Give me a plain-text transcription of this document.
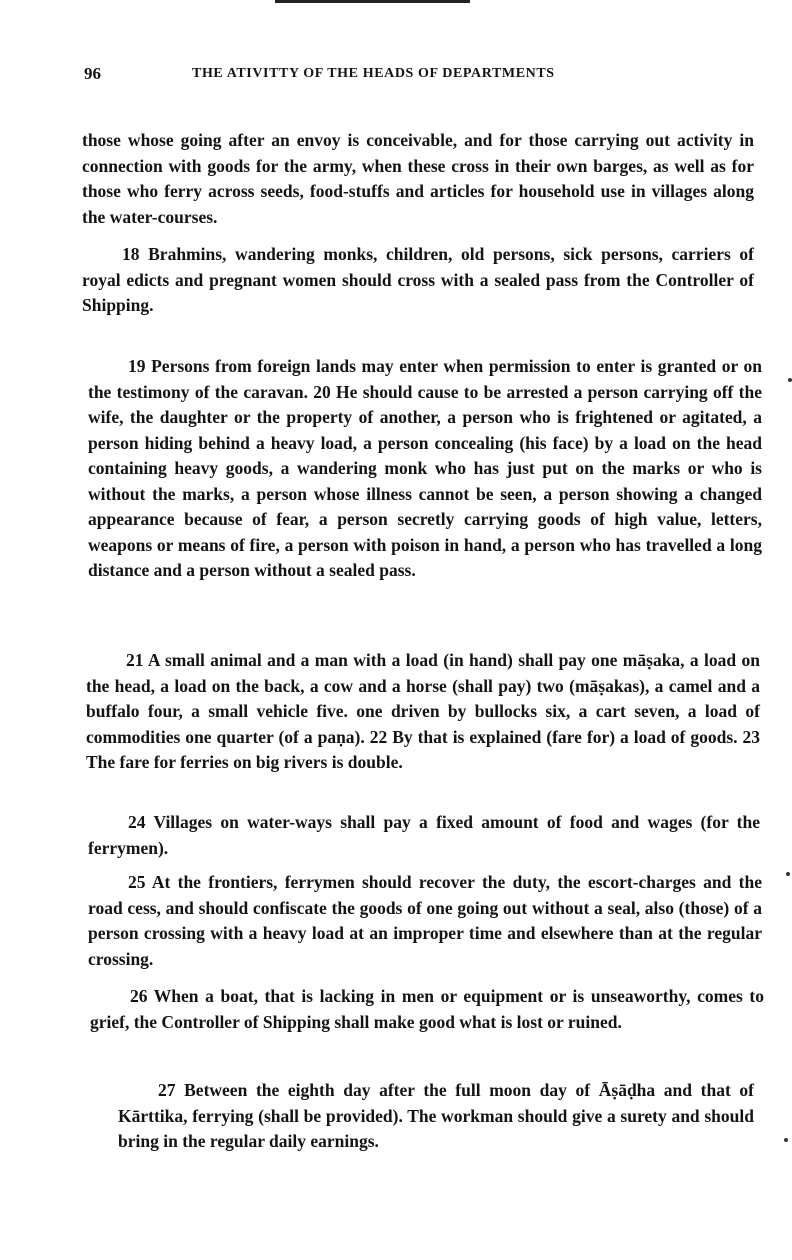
96	THE ATIVITTY OF THE HEADS OF DEPARTMENTS

those whose going after an envoy is conceivable, and for those carrying out activity in connection with goods for the army, when these cross in their own barges, as well as for those who ferry across seeds, food-stuffs and articles for household use in villages along the water-courses.

18 Brahmins, wandering monks, children, old persons, sick persons, carriers of royal edicts and pregnant women should cross with a sealed pass from the Controller of Shipping.

19 Persons from foreign lands may enter when permission to enter is granted or on the testimony of the caravan. 20 He should cause to be arrested a person carrying off the wife, the daughter or the property of another, a person who is frightened or agitated, a person hiding behind a heavy load, a person concealing (his face) by a load on the head containing heavy goods, a wandering monk who has just put on the marks or who is without the marks, a person whose illness cannot be seen, a person showing a changed appearance because of fear, a person secretly carrying goods of high value, letters, weapons or means of fire, a person with poison in hand, a person who has travelled a long distance and a person without a sealed pass.

21 A small animal and a man with a load (in hand) shall pay one māṣaka, a load on the head, a load on the back, a cow and a horse (shall pay) two (māṣakas), a camel and a buffalo four, a small vehicle five. one driven by bullocks six, a cart seven, a load of commodities one quarter (of a paṇa). 22 By that is explained (fare for) a load of goods. 23 The fare for ferries on big rivers is double.

24 Villages on water-ways shall pay a fixed amount of food and wages (for the ferrymen).

25 At the frontiers, ferrymen should recover the duty, the escort-charges and the road cess, and should confiscate the goods of one going out without a seal, also (those) of a person crossing with a heavy load at an improper time and elsewhere than at the regular crossing.

26 When a boat, that is lacking in men or equipment or is unseaworthy, comes to grief, the Controller of Shipping shall make good what is lost or ruined.

27 Between the eighth day after the full moon day of Āṣāḍha and that of Kārttika, ferrying (shall be provided). The workman should give a surety and should bring in the regular daily earnings.
